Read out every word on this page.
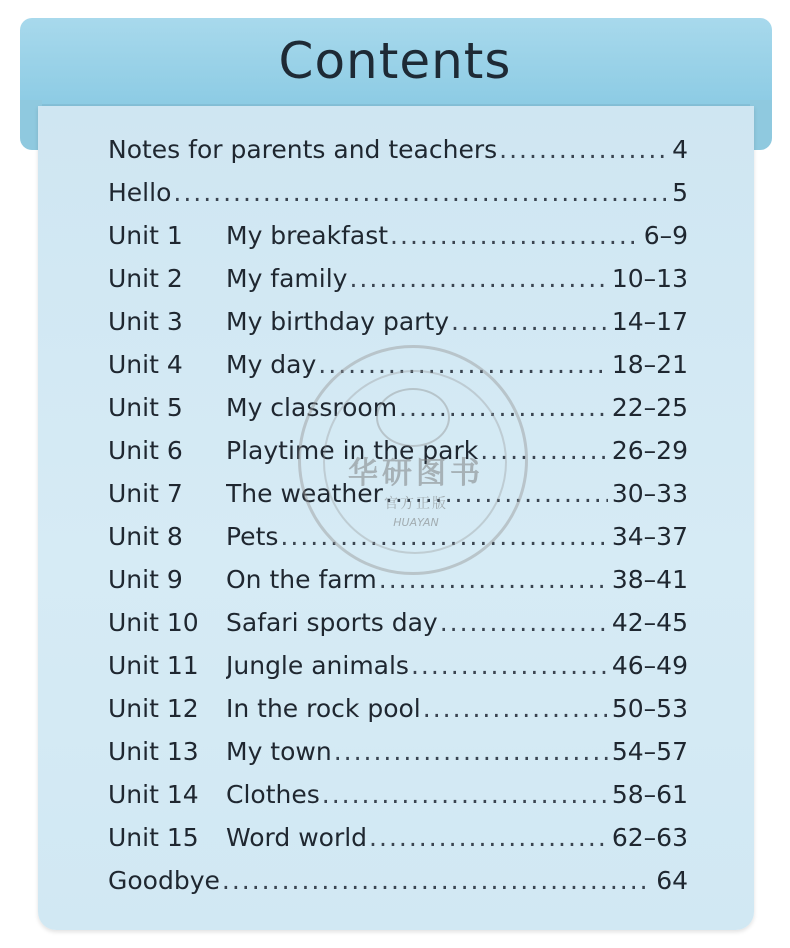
Contents
Notes for parents and teachers .....	4
Hello .....	5
Unit 1	My breakfast .....	6–9
Unit 2	My family .....	10–13
Unit 3	My birthday party .....	14–17
Unit 4	My day .....	18–21
Unit 5	My classroom .....	22–25
Unit 6	Playtime in the park .....	26–29
Unit 7	The weather .....	30–33
Unit 8	Pets .....	34–37
Unit 9	On the farm .....	38–41
Unit 10	Safari sports day .....	42–45
Unit 11	Jungle animals .....	46–49
Unit 12	In the rock pool .....	50–53
Unit 13	My town .....	54–57
Unit 14	Clothes .....	58–61
Unit 15	Word world .....	62–63
Goodbye .....	64
华研图书
官方正版
HUAYAN
